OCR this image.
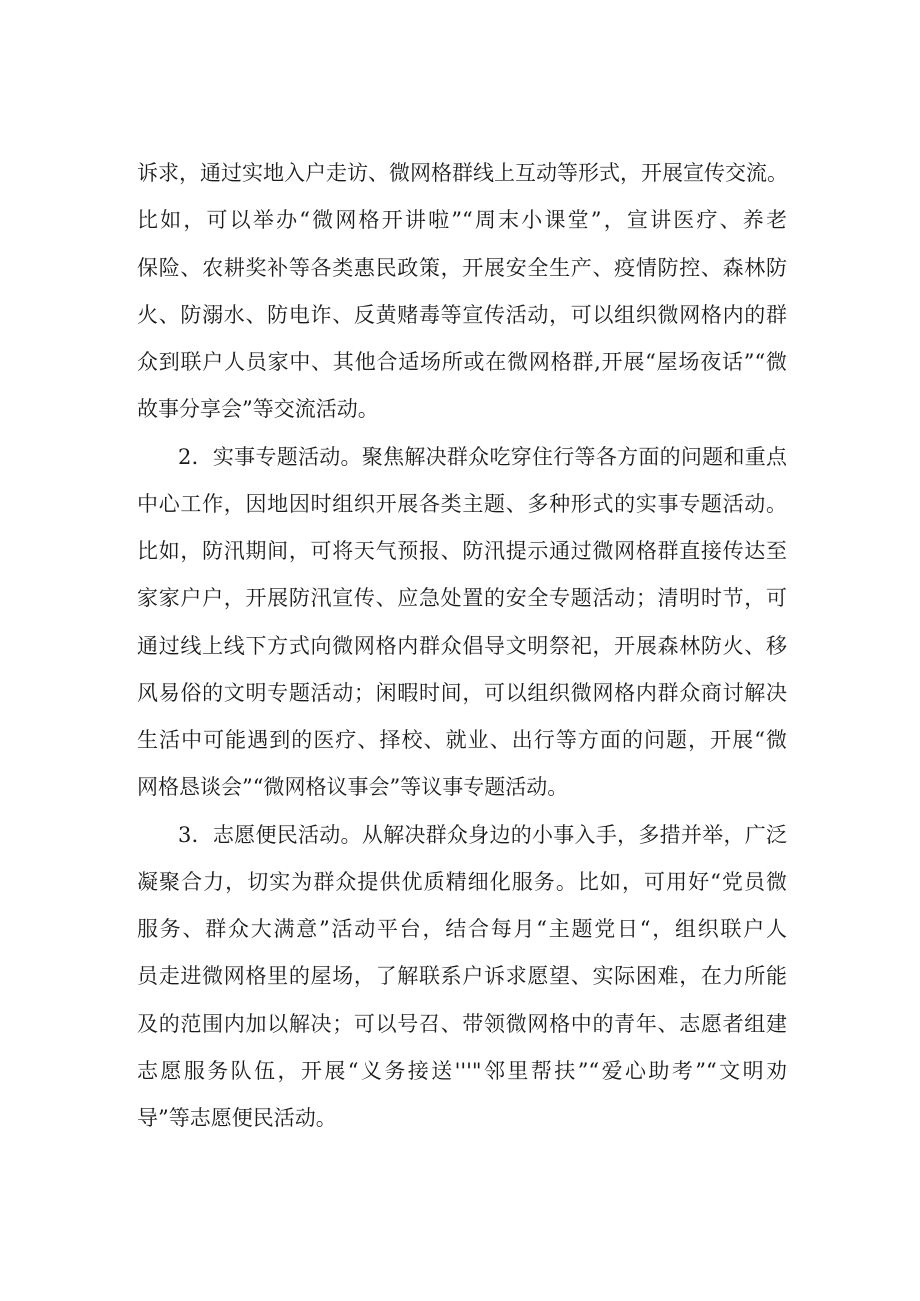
诉求，通过实地入户走访、微网格群线上互动等形式，开展宣传交流。
比如，可以举办“微网格开讲啦”“周末小课堂”，宣讲医疗、养老
保险、农耕奖补等各类惠民政策，开展安全生产、疫情防控、森林防
火、防溺水、防电诈、反黄赌毒等宣传活动，可以组织微网格内的群
众到联户人员家中、其他合适场所或在微网格群,开展“屋场夜话”“微
故事分享会”等交流活动。
2．实事专题活动。聚焦解决群众吃穿住行等各方面的问题和重点
中心工作，因地因时组织开展各类主题、多种形式的实事专题活动。
比如，防汛期间，可将天气预报、防汛提示通过微网格群直接传达至
家家户户，开展防汛宣传、应急处置的安全专题活动；清明时节，可
通过线上线下方式向微网格内群众倡导文明祭祀，开展森林防火、移
风易俗的文明专题活动；闲暇时间，可以组织微网格内群众商讨解决
生活中可能遇到的医疗、择校、就业、出行等方面的问题，开展“微
网格恳谈会”“微网格议事会”等议事专题活动。
3．志愿便民活动。从解决群众身边的小事入手，多措并举，广泛
凝聚合力，切实为群众提供优质精细化服务。比如，可用好“党员微
服务、群众大满意”活动平台，结合每月“主题党日“，组织联户人
员走进微网格里的屋场，了解联系户诉求愿望、实际困难，在力所能
及的范围内加以解决；可以号召、带领微网格中的青年、志愿者组建
志愿服务队伍，开展“义务接送'''"邻里帮扶”“爱心助考”“文明劝
导”等志愿便民活动。
